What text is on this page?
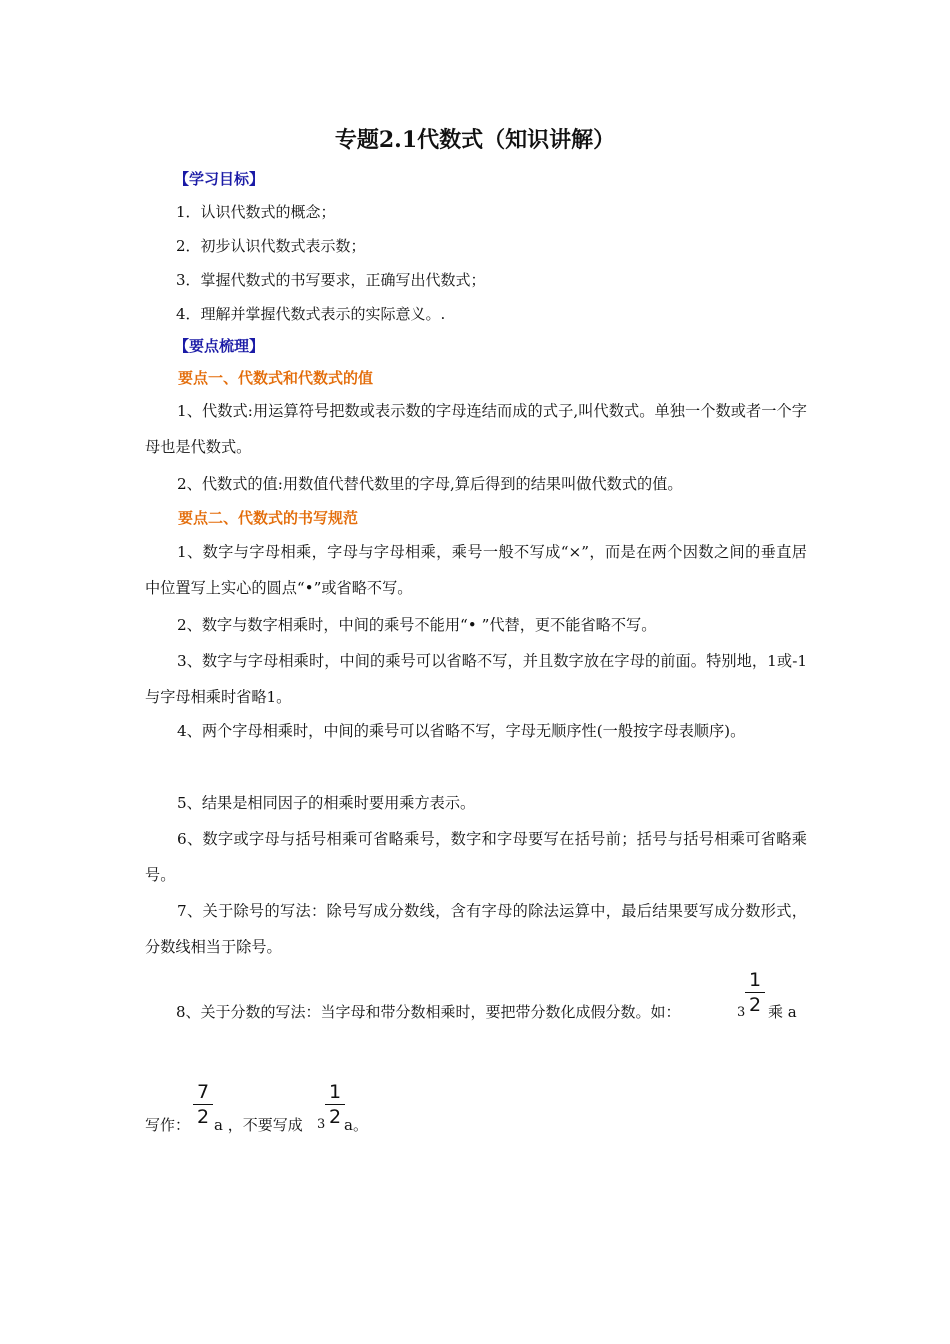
专题2.1代数式（知识讲解）
【学习目标】
1．认识代数式的概念；
2．初步认识代数式表示数；
3．掌握代数式的书写要求，正确写出代数式；
4．理解并掌握代数式表示的实际意义。.
【要点梳理】
要点一、代数式和代数式的值
1、代数式:用运算符号把数或表示数的字母连结而成的式子,叫代数式。单独一个数或者一个字母也是代数式。
2、代数式的值:用数值代替代数里的字母,算后得到的结果叫做代数式的值。
要点二、代数式的书写规范
1、数字与字母相乘，字母与字母相乘，乘号一般不写成“×”，而是在两个因数之间的垂直居中位置写上实心的圆点“•”或省略不写。
2、数字与数字相乘时，中间的乘号不能用“• ”代替，更不能省略不写。
3、数字与字母相乘时，中间的乘号可以省略不写，并且数字放在字母的前面。特别地，1或-1与字母相乘时省略1。
4、两个字母相乘时，中间的乘号可以省略不写，字母无顺序性(一般按字母表顺序)。
5、结果是相同因子的相乘时要用乘方表示。
6、数字或字母与括号相乘可省略乘号，数字和字母要写在括号前；括号与括号相乘可省略乘号。
7、关于除号的写法：除号写成分数线，含有字母的除法运算中，最后结果要写成分数形式，分数线相当于除号。
8、关于分数的写法：当字母和带分数相乘时，要把带分数化成假分数。如：	3
1
2 乘 a
写作：
7
2 a ，不要写成 3
1
2 a。
